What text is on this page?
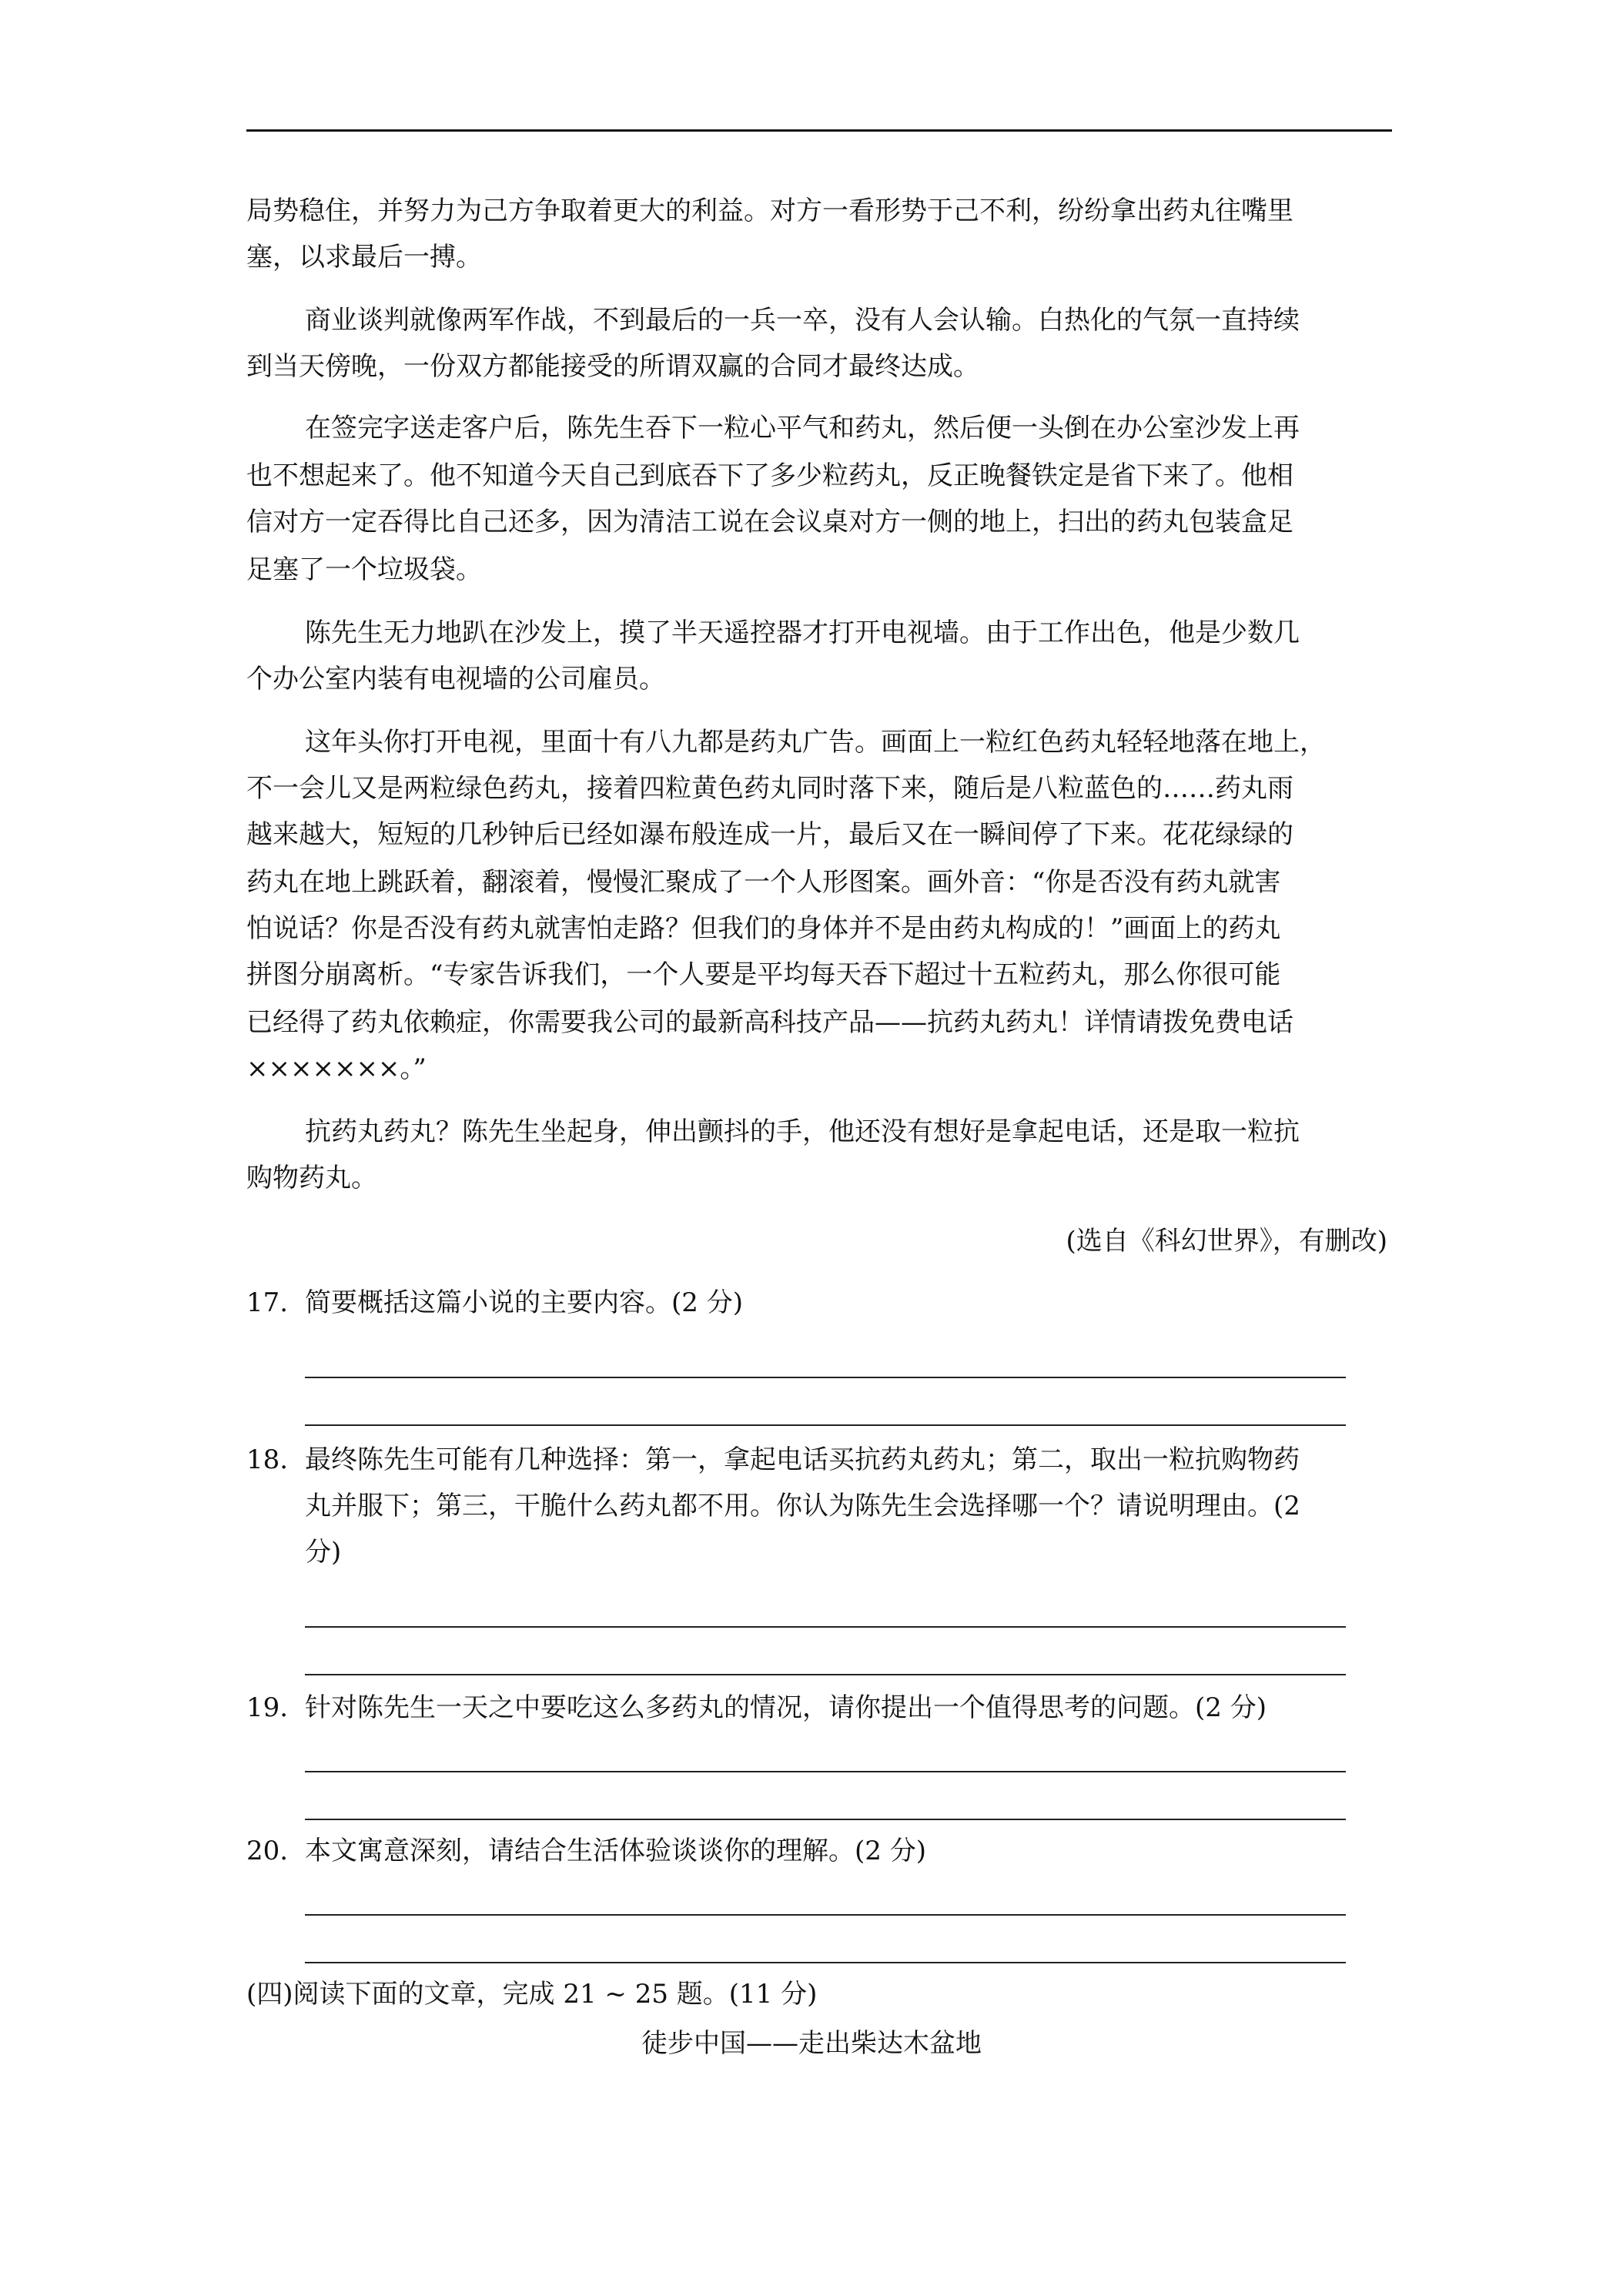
局势稳住，并努力为己方争取着更大的利益。对方一看形势于己不利，纷纷拿出药丸往嘴里
塞，以求最后一搏。
商业谈判就像两军作战，不到最后的一兵一卒，没有人会认输。白热化的气氛一直持续
到当天傍晚，一份双方都能接受的所谓双赢的合同才最终达成。
在签完字送走客户后，陈先生吞下一粒心平气和药丸，然后便一头倒在办公室沙发上再
也不想起来了。他不知道今天自己到底吞下了多少粒药丸，反正晚餐铁定是省下来了。他相
信对方一定吞得比自己还多，因为清洁工说在会议桌对方一侧的地上，扫出的药丸包装盒足
足塞了一个垃圾袋。
陈先生无力地趴在沙发上，摸了半天遥控器才打开电视墙。由于工作出色，他是少数几
个办公室内装有电视墙的公司雇员。
这年头你打开电视，里面十有八九都是药丸广告。画面上一粒红色药丸轻轻地落在地上，
不一会儿又是两粒绿色药丸，接着四粒黄色药丸同时落下来，随后是八粒蓝色的……药丸雨
越来越大，短短的几秒钟后已经如瀑布般连成一片，最后又在一瞬间停了下来。花花绿绿的
药丸在地上跳跃着，翻滚着，慢慢汇聚成了一个人形图案。画外音：“你是否没有药丸就害
怕说话？你是否没有药丸就害怕走路？但我们的身体并不是由药丸构成的！”画面上的药丸
拼图分崩离析。“专家告诉我们，一个人要是平均每天吞下超过十五粒药丸，那么你很可能
已经得了药丸依赖症，你需要我公司的最新高科技产品——抗药丸药丸！详情请拨免费电话
×××××××。”
抗药丸药丸？陈先生坐起身，伸出颤抖的手，他还没有想好是拿起电话，还是取一粒抗
购物药丸。
(选自《科幻世界》，有删改)
17. 简要概括这篇小说的主要内容。(2 分)
18. 最终陈先生可能有几种选择：第一，拿起电话买抗药丸药丸；第二，取出一粒抗购物药
丸并服下；第三，干脆什么药丸都不用。你认为陈先生会选择哪一个？请说明理由。(2
分)
19. 针对陈先生一天之中要吃这么多药丸的情况，请你提出一个值得思考的问题。(2 分)
20. 本文寓意深刻，请结合生活体验谈谈你的理解。(2 分)
(四)阅读下面的文章，完成 21 ~ 25 题。(11 分)
徒步中国——走出柴达木盆地
